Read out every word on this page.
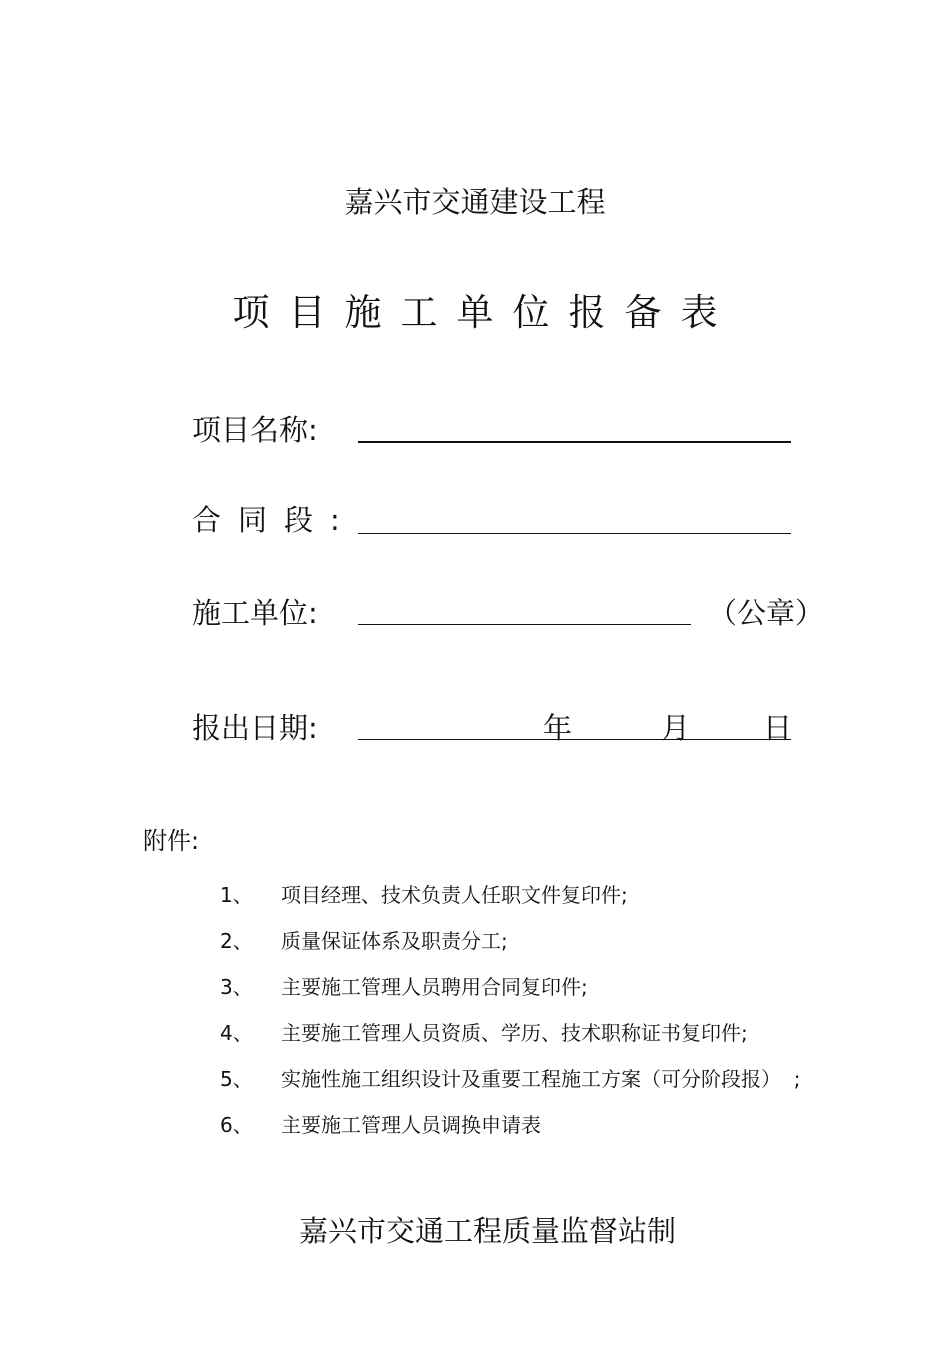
嘉兴市交通建设工程
项目施工单位报备表
项目名称:
合同段:
施工单位:	（公章）
报出日期:	年	月	日
附件:
1、 项目经理、技术负责人任职文件复印件;
2、 质量保证体系及职责分工;
3、 主要施工管理人员聘用合同复印件;
4、 主要施工管理人员资质、学历、技术职称证书复印件;
5、 实施性施工组织设计及重要工程施工方案（可分阶段报）  ;
6、 主要施工管理人员调换申请表
嘉兴市交通工程质量监督站制
